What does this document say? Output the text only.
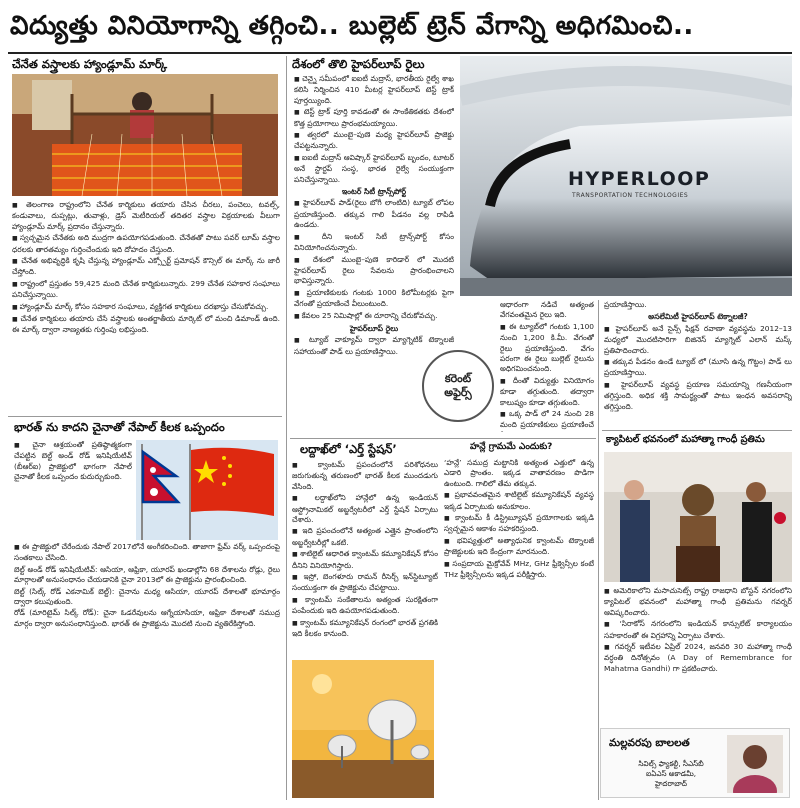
విద్యుత్తు వినియోగాన్ని తగ్గించి.. బుల్లెట్ ట్రెన్ వేగాన్ని అధిగమించి..
చేనేత వస్త్రాలకు హ్యాండ్లూమ్ మార్క్

■ తెలంగాణ రాష్ట్రంలోని చేనేత కార్మికులు తయారు చేసిన చీరలు, పంచెలు, టవల్స్, కండువాలు, దుప్పట్లు, తువాళ్లు, డ్రెస్ మెటీరియల్ తదితర వస్త్రాల విక్రయాలకు వీలుగా హ్యాండ్లూమ్ మార్క్ ప్రదానం చేస్తున్నారు.

■ స్వచ్ఛమైన చేనేతకు అది ముద్రగా ఉపయోగపడుతుంది. చేనేతతో పాటు పవర్ లూమ్ వస్త్రాల ధరలకు తారతమ్యం గుర్తించేందుకు ఇది దోహదం చేస్తుంది.

■ చేనేత అభివృద్ధికి కృషి చేస్తున్న హ్యాండ్లూమ్ ఎక్స్పోర్ట్ ప్రమోషన్ కౌన్సిల్ ఈ మార్క్ ను జారీ చేస్తోంది.

■ రాష్ట్రంలో ప్రస్తుతం 59,425 మంది చేనేత కార్మికులున్నారు. 299 చేనేత సహకార సంఘాలు పనిచేస్తున్నాయి.

■ హ్యాండ్లూమ్ మార్క్ కోసం సహకార సంఘాలు, వ్యక్తిగత కార్మికులు దరఖాస్తు చేసుకోవచ్చు.

■ చేనేత కార్మికులు తయారు చేసే వస్త్రాలకు అంతర్జాతీయ మార్కెట్ లో మంచి డిమాండ్ ఉంది. ఈ మార్క్ ద్వారా నాణ్యతకు గుర్తింపు లభిస్తుంది.

భారత్ ను కాదని చైనాతో నేపాల్ కీలక ఒప్పందం

■ చైనా ఆశ్రయంతో ప్రతిష్ఠాత్మకంగా చేపట్టిన బెల్ట్ అండ్ రోడ్ ఇనిషియేటివ్ (బీఆర్ఐ) ప్రాజెక్టులో భాగంగా నేపాల్ చైనాతో కీలక ఒప్పందం కుదుర్చుకుంది.

■ ఈ ప్రాజెక్టులో చేరేందుకు నేపాల్ 2017లోనే అంగీకరించింది. తాజాగా ఫ్రేమ్ వర్క్ ఒప్పందంపై సంతకాలు చేసింది.

బెల్ట్ అండ్ రోడ్ ఇనిషియేటివ్: ఆసియా, ఆఫ్రికా, యూరప్ ఖండాల్లోని 68 దేశాలను రోడ్లు, రైలు మార్గాలతో అనుసంధానం చేయడానికి చైనా 2013లో ఈ ప్రాజెక్టును ప్రారంభించింది.

బెల్ట్ (సిల్క్ రోడ్ ఎకనామిక్ బెల్ట్): చైనాను మధ్య ఆసియా, యూరప్ దేశాలతో భూమార్గం ద్వారా కలుపుతుంది.

రోడ్ (మారిటైమ్ సిల్క్ రోడ్): చైనా ఓడరేవులను ఆగ్నేయాసియా, ఆఫ్రికా దేశాలతో సముద్ర మార్గం ద్వారా అనుసంధానిస్తుంది. భారత్ ఈ ప్రాజెక్టును మొదటి నుంచి వ్యతిరేకిస్తోంది.

దేశంలో తొలి హైపర్‌లూప్ రైలు
HYPERLOOP
TRANSPORTATION TECHNOLOGIES

■ చెన్నై సమీపంలో ఐఐటీ మద్రాస్, భారతీయ రైల్వే శాఖ కలిసి నిర్మించిన 410 మీటర్ల హైపర్‌లూప్ టెస్ట్ ట్రాక్ పూర్తయ్యింది.

■ టెస్ట్ ట్రాక్ పూర్తి కావడంతో ఈ సాంకేతికతకు దేశంలో కొత్త ప్రయోగాలు ప్రారంభమయ్యాయి.

■ త్వరలో ముంబై–పుణె మధ్య హైపర్‌లూప్ ప్రాజెక్టు చేపట్టనున్నారు.

■ ఐఐటీ మద్రాస్ ఆవిష్కార్ హైపర్‌లూప్ బృందం, టూటర్ అనే స్టార్టప్ సంస్థ, భారత రైల్వే సంయుక్తంగా పనిచేస్తున్నాయి.

ఇంటర్ సిటీ ట్రాన్స్‌పోర్ట్

■ హైపర్‌లూప్ పాడ్(రైలు బోగీ లాంటిది) ట్యూబ్ లోపల ప్రయాణిస్తుంది. తక్కువ గాలి పీడనం వల్ల రాపిడి ఉండదు.

■ దీని ఇంటర్ సిటీ ట్రాన్స్‌పోర్ట్ కోసం వినియోగించనున్నారు.

■ దేశంలో ముంబై–పుణె కారిడార్ లో మొదటి హైపర్‌లూప్ రైలు సేవలను ప్రారంభించాలని భావిస్తున్నారు.

■ ప్రయాణికులకు గంటకు 1000 కిలోమీటర్లకు పైగా వేగంతో ప్రయాణించే వీలుంటుంది.

■ కేవలం 25 నిమిషాల్లో ఈ దూరాన్ని చేరుకోవచ్చు.

హైపర్‌లూప్ రైలు

■ ట్యూబ్ వాక్యూమ్ ద్వారా మ్యాగ్నెటిక్ టెక్నాలజీ సహాయంతో పాడ్ లు ప్రయాణిస్తాయి.

ఆధారంగా నడిచే అత్యంత వేగవంతమైన రైలు ఇది.

■ ఈ ట్యూబ్‌లో గంటకు 1,100 నుంచి 1,200 కి.మీ. వేగంతో రైలు ప్రయాణిస్తుంది. వేగం పరంగా ఈ రైలు బుల్లెట్ రైలును అధిగమించనుంది.

■ దీంతో విద్యుత్తు వినియోగం కూడా తగ్గుతుంది. తద్వారా కాలుష్యం కూడా తగ్గుతుంది.

■ ఒక్క పాడ్ లో 24 నుంచి 28 మంది ప్రయాణికులు ప్రయాణించే

ప్రయాణిస్తాయి.

అసలేమిటీ హైపర్‌లూప్ టెక్నాలజీ?

■ హైపర్‌లూప్ అనే సైన్స్ ఫిక్షన్ రవాణా వ్యవస్థను 2012–13 మధ్యలో మొదటిసారిగా బిజినెస్ మ్యాగ్నెట్ ఎలాన్ మస్క్ ప్రతిపాదించారు.

■ తక్కువ పీడనం ఉండే ట్యూబ్ లో (మూసి ఉన్న గొట్టం) పాడ్ లు ప్రయాణిస్తాయి.

■ హైపర్‌లూప్ వ్యవస్థ ప్రయాణ సమయాన్ని గణనీయంగా తగ్గిస్తుంది. అధిక శక్తి సామర్థ్యంతో పాటు ఇంధన అవసరాన్ని తగ్గిస్తుంది.

కరెంట్
అఫైర్స్
లద్దాఖ్‌లో ‘ఎర్త్ స్టేషన్’

■ క్వాంటమ్ ప్రపంచంలోనే పరిశోధనలు జరుగుతున్న తరుణంలో భారత్ కీలక ముందడుగు వేసింది.

■ లద్దాఖ్‌లోని హాన్లేలో ఉన్న ఇండియన్ ఆస్ట్రోనామికల్ అబ్జర్వేటరీలో ఎర్త్ స్టేషన్ ఏర్పాటు చేశారు.

■ ఇది ప్రపంచంలోనే అత్యంత ఎత్తైన ప్రాంతంలోని అబ్జర్వేటరీల్లో ఒకటి.

■ శాటిలైట్ ఆధారిత క్వాంటమ్ కమ్యూనికేషన్ కోసం దీనిని వినియోగిస్తారు.

■ ఇస్రో, బెంగళూరు రామన్ రీసెర్చ్ ఇన్‌స్టిట్యూట్ సంయుక్తంగా ఈ ప్రాజెక్టును చేపట్టాయి.

■ క్వాంటమ్ సంకేతాలను అత్యంత సురక్షితంగా పంపేందుకు ఇది ఉపయోగపడుతుంది.

■ క్వాంటమ్ కమ్యూనికేషన్ రంగంలో భారత్ ప్రగతికి ఇది కీలకం కానుంది.

హన్లే గ్రామమే ఎందుకు?

‘హన్లే’ సముద్ర మట్టానికి అత్యంత ఎత్తులో ఉన్న ఎడారి ప్రాంతం. ఇక్కడ వాతావరణం పొడిగా ఉంటుంది. గాలిలో తేమ తక్కువ.

■ ప్రభావవంతమైన శాటిలైట్ కమ్యూనికేషన్ వ్యవస్థ ఇక్కడ ఏర్పాటుకు అనుకూలం.

■ క్వాంటమ్ కీ డిస్ట్రిబ్యూషన్ ప్రయోగాలకు ఇక్కడి స్వచ్ఛమైన ఆకాశం సహకరిస్తుంది.

■ భవిష్యత్తులో అత్యాధునిక క్వాంటమ్ టెక్నాలజీ ప్రాజెక్టులకు ఇది కేంద్రంగా మారనుంది.

■ సంప్రదాయ మైక్రోవేవ్ MHz, GHz ఫ్రీక్వెన్సీల కంటే THz ఫ్రీక్వెన్సీలను ఇక్కడ పరీక్షిస్తారు.

క్యాపిటల్ భవనంలో మహాత్మా గాంధీ ప్రతిమ

■ అమెరికాలోని మసాచుసెట్స్ రాష్ట్ర రాజధాని బోస్టన్ నగరంలోని క్యాపిటల్ భవనంలో మహాత్మా గాంధీ ప్రతిమను గవర్నర్ ఆవిష్కరించారు.

■ ‘సిరాకోస్ నగరంలోని ఇండియన్ కాన్సులేట్ కార్యాలయం సహకారంతో ఈ విగ్రహాన్ని ఏర్పాటు చేశారు.

■ గవర్నర్ ఇటీవల ఏప్రిల్ 2024, జనవరి 30 మహాత్మా గాంధీ వర్ధంతి దినోత్సవం (A Day of Remembrance for Mahatma Gandhi) గా ప్రకటించారు.

మల్లవరపు బాలలత
సివిల్స్ ఫ్యాకల్టీ, సీఎస్‌బీ ఐఏఎస్ అకాడమీ, హైదరాబాద్
